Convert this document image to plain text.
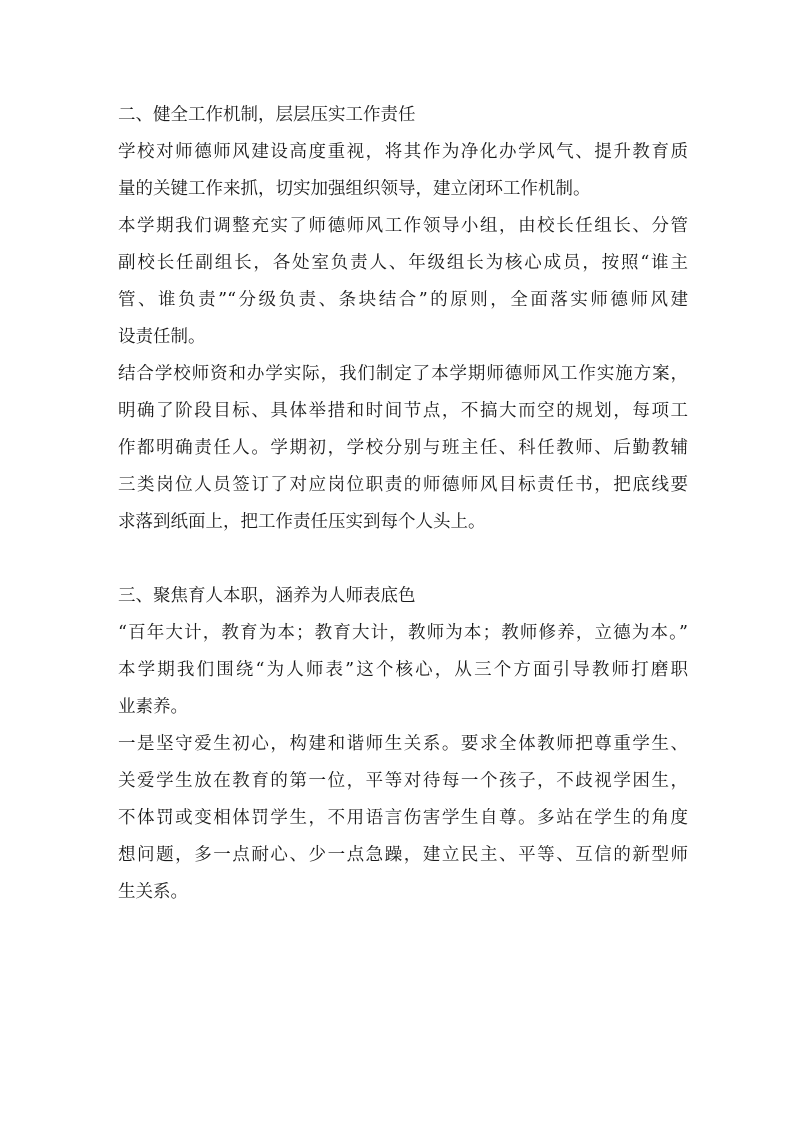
二、健全工作机制，层层压实工作责任
学校对师德师风建设高度重视，将其作为净化办学风气、提升教育质
量的关键工作来抓，切实加强组织领导，建立闭环工作机制。
本学期我们调整充实了师德师风工作领导小组，由校长任组长、分管
副校长任副组长，各处室负责人、年级组长为核心成员，按照“谁主
管、谁负责”“分级负责、条块结合”的原则，全面落实师德师风建
设责任制。
结合学校师资和办学实际，我们制定了本学期师德师风工作实施方案，
明确了阶段目标、具体举措和时间节点，不搞大而空的规划，每项工
作都明确责任人。学期初，学校分别与班主任、科任教师、后勤教辅
三类岗位人员签订了对应岗位职责的师德师风目标责任书，把底线要
求落到纸面上，把工作责任压实到每个人头上。
三、聚焦育人本职，涵养为人师表底色
“百年大计，教育为本；教育大计，教师为本；教师修养，立德为本。”
本学期我们围绕“为人师表”这个核心，从三个方面引导教师打磨职
业素养。
一是坚守爱生初心，构建和谐师生关系。要求全体教师把尊重学生、
关爱学生放在教育的第一位，平等对待每一个孩子，不歧视学困生，
不体罚或变相体罚学生，不用语言伤害学生自尊。多站在学生的角度
想问题，多一点耐心、少一点急躁，建立民主、平等、互信的新型师
生关系。
